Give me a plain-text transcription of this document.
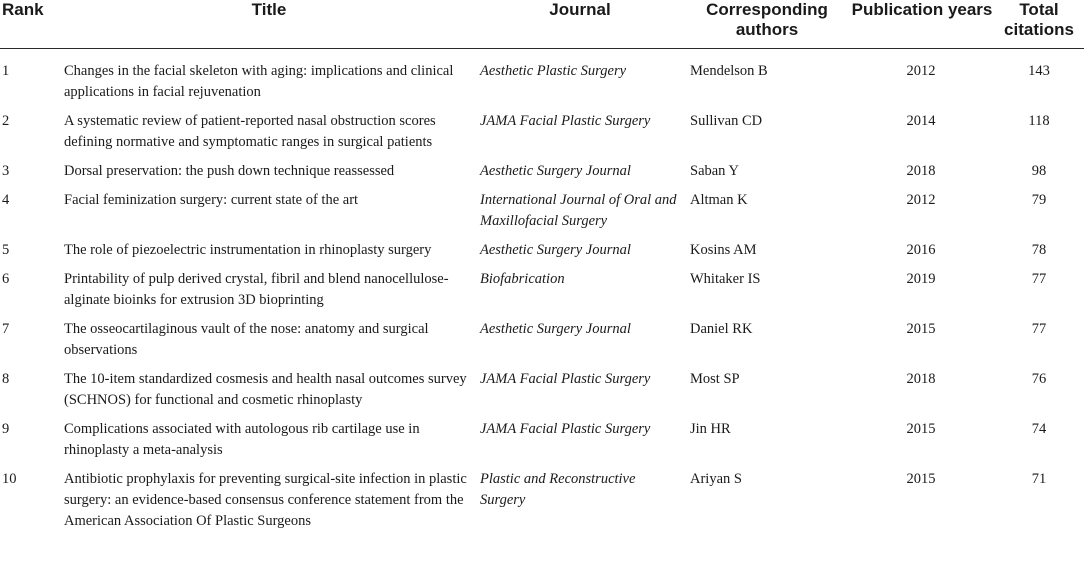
Rank	Title	Journal	Corresponding authors	Publication years	Total citations
1	Changes in the facial skeleton with aging: implications and clinical applications in facial rejuvenation	Aesthetic Plastic Surgery	Mendelson B	2012	143
2	A systematic review of patient-reported nasal obstruction scores defining normative and symptomatic ranges in surgical patients	JAMA Facial Plastic Surgery	Sullivan CD	2014	118
3	Dorsal preservation: the push down technique reassessed	Aesthetic Surgery Journal	Saban Y	2018	98
4	Facial feminization surgery: current state of the art	International Journal of Oral and Maxillofacial Surgery	Altman K	2012	79
5	The role of piezoelectric instrumentation in rhinoplasty surgery	Aesthetic Surgery Journal	Kosins AM	2016	78
6	Printability of pulp derived crystal, fibril and blend nanocellulose-alginate bioinks for extrusion 3D bioprinting	Biofabrication	Whitaker IS	2019	77
7	The osseocartilaginous vault of the nose: anatomy and surgical observations	Aesthetic Surgery Journal	Daniel RK	2015	77
8	The 10-item standardized cosmesis and health nasal outcomes survey (SCHNOS) for functional and cosmetic rhinoplasty	JAMA Facial Plastic Surgery	Most SP	2018	76
9	Complications associated with autologous rib cartilage use in rhinoplasty a meta-analysis	JAMA Facial Plastic Surgery	Jin HR	2015	74
10	Antibiotic prophylaxis for preventing surgical-site infection in plastic surgery: an evidence-based consensus conference statement from the American Association Of Plastic Surgeons	Plastic and Reconstructive Surgery	Ariyan S	2015	71
